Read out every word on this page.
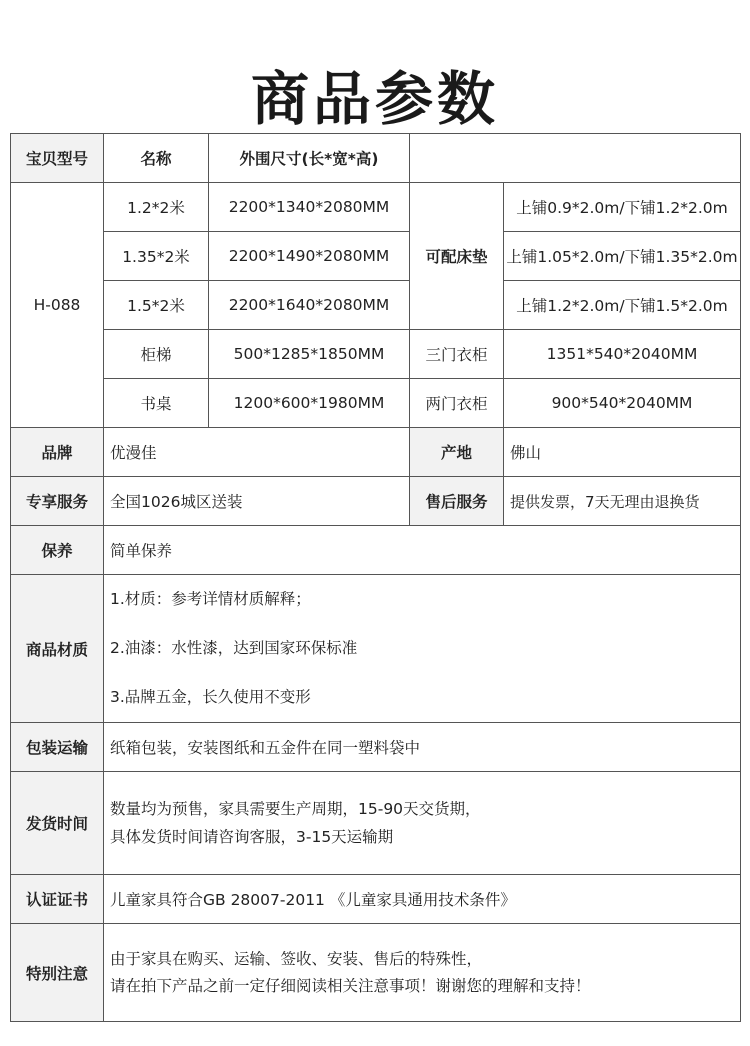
商品参数
宝贝型号	名称	外围尺寸(长*宽*高)		
H-088	1.2*2米	2200*1340*2080MM	可配床垫	上铺0.9*2.0m/下铺1.2*2.0m
	1.35*2米	2200*1490*2080MM		上铺1.05*2.0m/下铺1.35*2.0m
	1.5*2米	2200*1640*2080MM		上铺1.2*2.0m/下铺1.5*2.0m
	柜梯	500*1285*1850MM	三门衣柜	1351*540*2040MM
	书桌	1200*600*1980MM	两门衣柜	900*540*2040MM
品牌	优漫佳		产地	佛山
专享服务	全国1026城区送装		售后服务	提供发票，7天无理由退换货
保养	简单保养			
商品材质	1.材质：参考详情材质解释；
2.油漆：水性漆，达到国家环保标准
3.品牌五金，长久使用不变形			

包装运输	纸箱包装，安装图纸和五金件在同一塑料袋中			
发货时间	数量均为预售，家具需要生产周期，15-90天交货期，
具体发货时间请咨询客服，3-15天运输期			

认证证书	儿童家具符合GB 28007-2011 《儿童家具通用技术条件》			
特别注意	由于家具在购买、运输、签收、安装、售后的特殊性，
请在拍下产品之前一定仔细阅读相关注意事项！谢谢您的理解和支持！			
